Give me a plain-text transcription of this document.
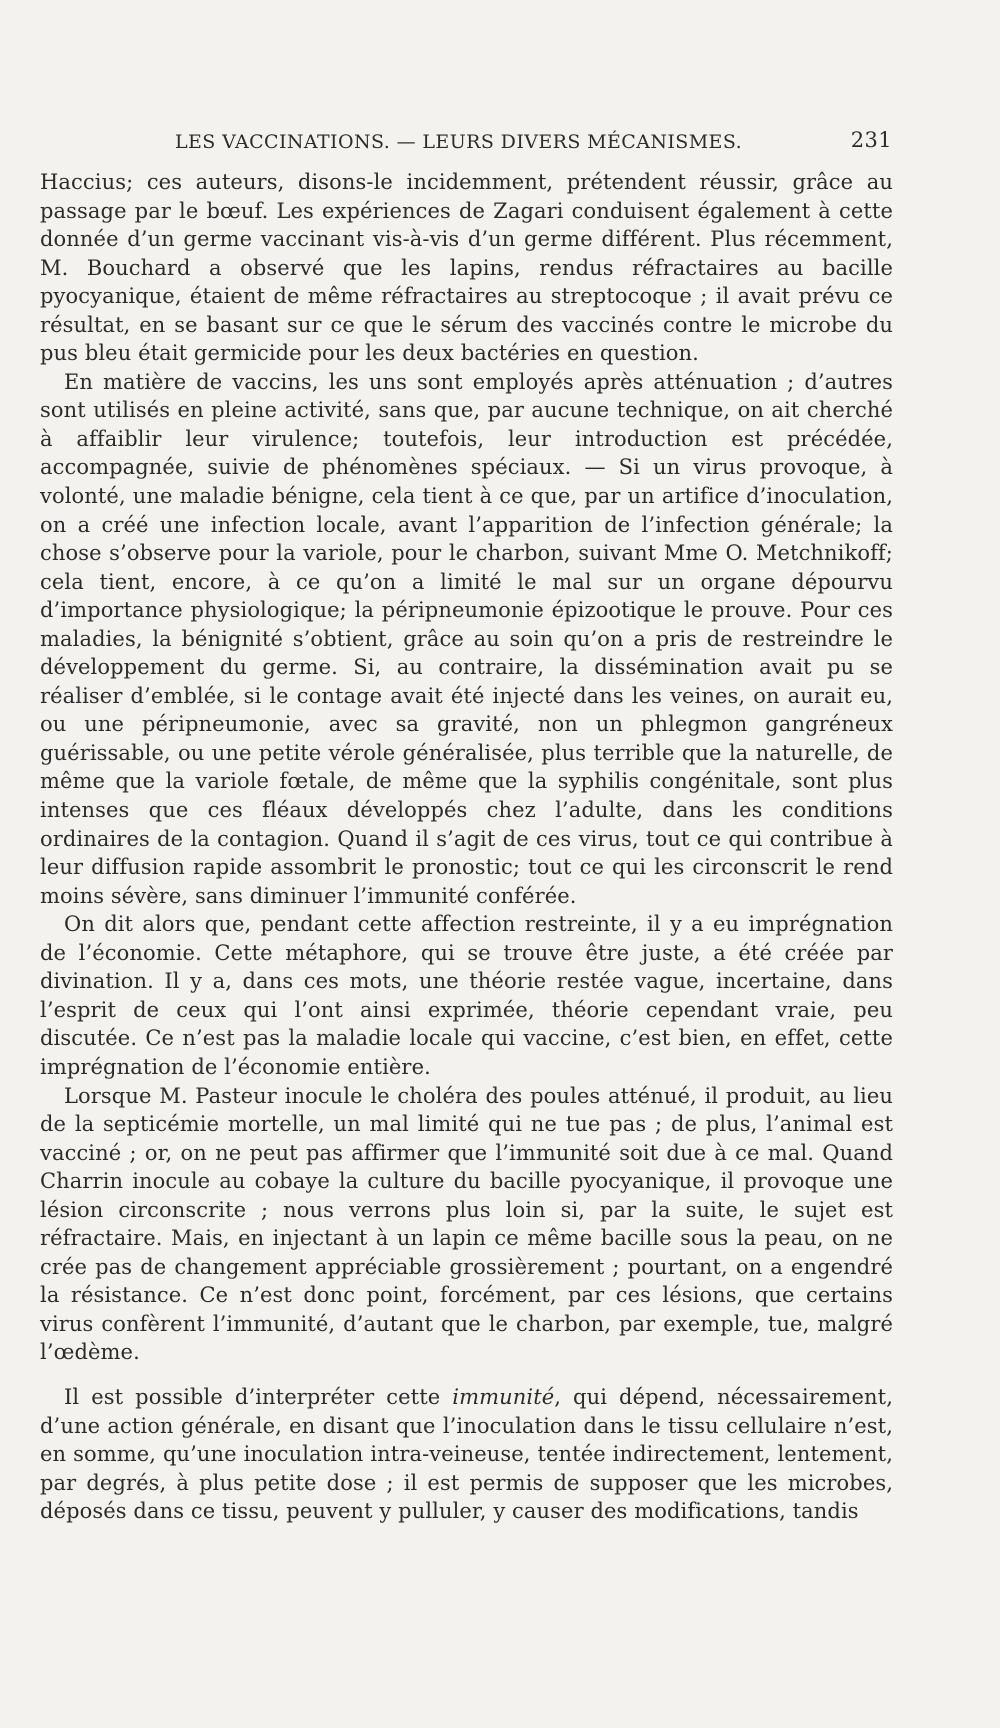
LES VACCINATIONS. — LEURS DIVERS MÉCANISMES.	231

Haccius; ces auteurs, disons-le incidemment, prétendent réussir, grâce au passage par le bœuf. Les expériences de Zagari conduisent également à cette donnée d’un germe vaccinant vis-à-vis d’un germe différent. Plus récemment, M. Bouchard a observé que les lapins, rendus réfractaires au bacille pyocyanique, étaient de même réfractaires au streptocoque ; il avait prévu ce résultat, en se basant sur ce que le sérum des vaccinés contre le microbe du pus bleu était germicide pour les deux bactéries en question.

En matière de vaccins, les uns sont employés après atténuation ; d’autres sont utilisés en pleine activité, sans que, par aucune technique, on ait cherché à affaiblir leur virulence; toutefois, leur introduction est précédée, accompagnée, suivie de phénomènes spéciaux. — Si un virus provoque, à volonté, une maladie bénigne, cela tient à ce que, par un artifice d’inoculation, on a créé une infection locale, avant l’apparition de l’infection générale; la chose s’observe pour la variole, pour le charbon, suivant Mme O. Metchnikoff; cela tient, encore, à ce qu’on a limité le mal sur un organe dépourvu d’importance physiologique; la péripneumonie épizootique le prouve. Pour ces maladies, la bénignité s’obtient, grâce au soin qu’on a pris de restreindre le développement du germe. Si, au contraire, la dissémination avait pu se réaliser d’emblée, si le contage avait été injecté dans les veines, on aurait eu, ou une péripneumonie, avec sa gravité, non un phlegmon gangréneux guérissable, ou une petite vérole généralisée, plus terrible que la naturelle, de même que la variole fœtale, de même que la syphilis congénitale, sont plus intenses que ces fléaux développés chez l’adulte, dans les conditions ordinaires de la contagion. Quand il s’agit de ces virus, tout ce qui contribue à leur diffusion rapide assombrit le pronostic; tout ce qui les circonscrit le rend moins sévère, sans diminuer l’immunité conférée.

On dit alors que, pendant cette affection restreinte, il y a eu imprégnation de l’économie. Cette métaphore, qui se trouve être juste, a été créée par divination. Il y a, dans ces mots, une théorie restée vague, incertaine, dans l’esprit de ceux qui l’ont ainsi exprimée, théorie cependant vraie, peu discutée. Ce n’est pas la maladie locale qui vaccine, c’est bien, en effet, cette imprégnation de l’économie entière.

Lorsque M. Pasteur inocule le choléra des poules atténué, il produit, au lieu de la septicémie mortelle, un mal limité qui ne tue pas ; de plus, l’animal est vacciné ; or, on ne peut pas affirmer que l’immunité soit due à ce mal. Quand Charrin inocule au cobaye la culture du bacille pyocyanique, il provoque une lésion circonscrite ; nous verrons plus loin si, par la suite, le sujet est réfractaire. Mais, en injectant à un lapin ce même bacille sous la peau, on ne crée pas de changement appréciable grossièrement ; pourtant, on a engendré la résistance. Ce n’est donc point, forcément, par ces lésions, que certains virus confèrent l’immunité, d’autant que le charbon, par exemple, tue, malgré l’œdème.

Il est possible d’interpréter cette immunité, qui dépend, nécessairement, d’une action générale, en disant que l’inoculation dans le tissu cellulaire n’est, en somme, qu’une inoculation intra-veineuse, tentée indirectement, lentement, par degrés, à plus petite dose ; il est permis de supposer que les microbes, déposés dans ce tissu, peuvent y pulluler, y causer des modifications, tandis
